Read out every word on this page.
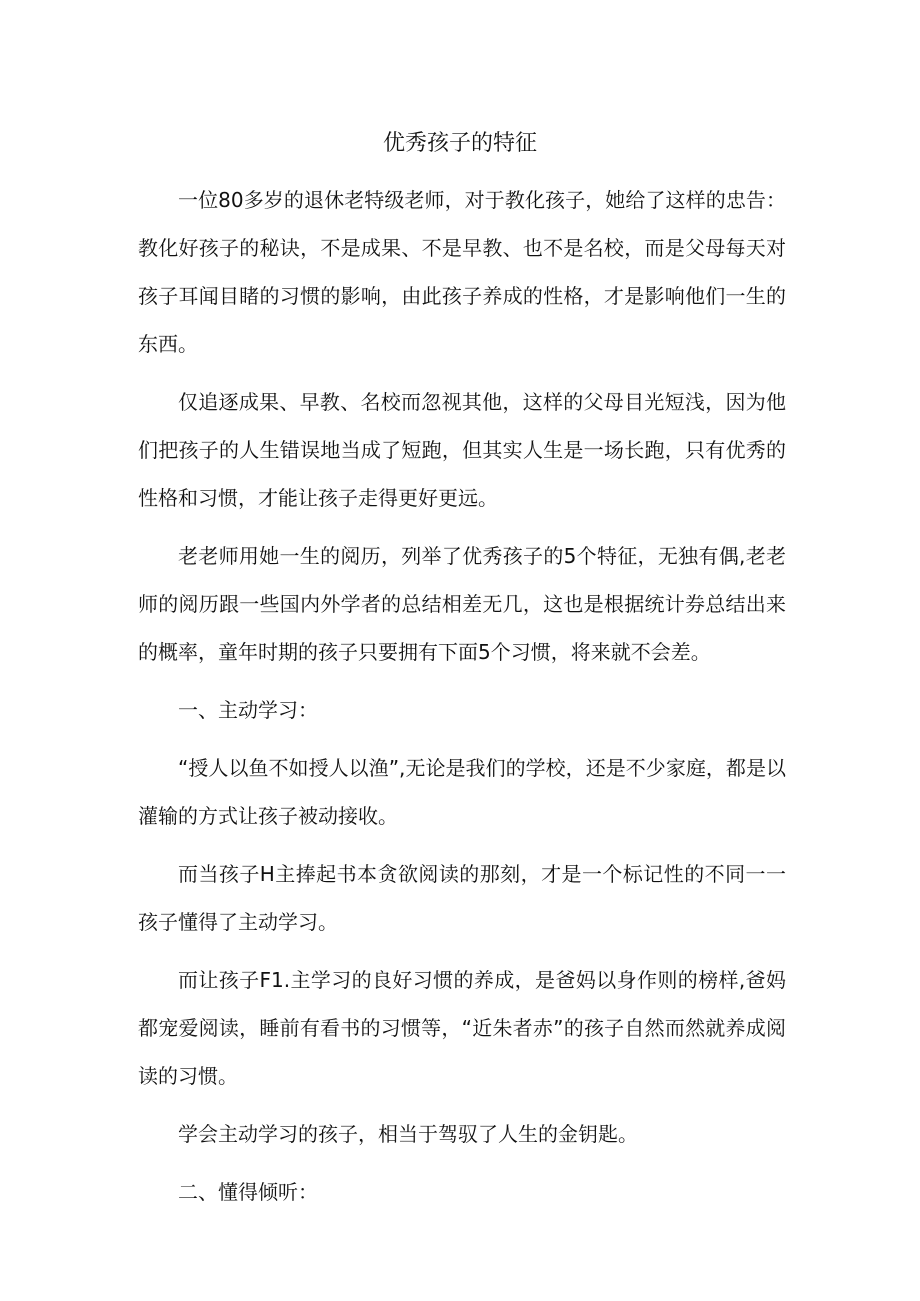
优秀孩子的特征

一位80多岁的退休老特级老师，对于教化孩子，她给了这样的忠告：教化好孩子的秘诀，不是成果、不是早教、也不是名校，而是父母每天对孩子耳闻目睹的习惯的影响，由此孩子养成的性格，才是影响他们一生的东西。

仅追逐成果、早教、名校而忽视其他，这样的父母目光短浅，因为他们把孩子的人生错误地当成了短跑，但其实人生是一场长跑，只有优秀的性格和习惯，才能让孩子走得更好更远。

老老师用她一生的阅历，列举了优秀孩子的5个特征，无独有偶,老老师的阅历跟一些国内外学者的总结相差无几，这也是根据统计券总结出来的概率，童年时期的孩子只要拥有下面5个习惯，将来就不会差。

一、主动学习：

“授人以鱼不如授人以渔”,无论是我们的学校，还是不少家庭，都是以灌输的方式让孩子被动接收。

而当孩子H主捧起书本贪欲阅读的那刻，才是一个标记性的不同一一孩子懂得了主动学习。

而让孩子F1.主学习的良好习惯的养成，是爸妈以身作则的榜样,爸妈都宠爱阅读，睡前有看书的习惯等，“近朱者赤”的孩子自然而然就养成阅读的习惯。

学会主动学习的孩子，相当于驾驭了人生的金钥匙。

二、懂得倾听：
